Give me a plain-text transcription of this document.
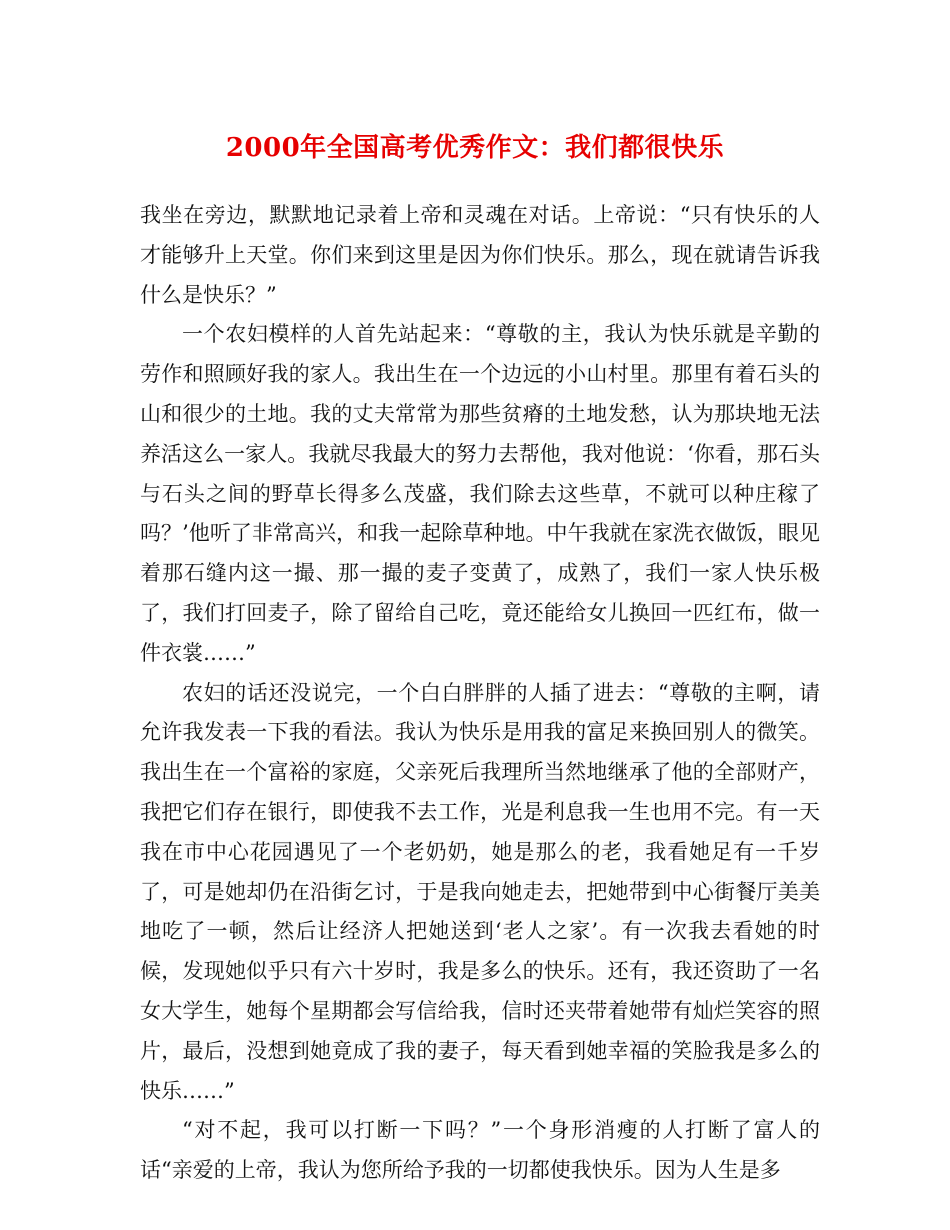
2000年全国高考优秀作文：我们都很快乐

我坐在旁边，默默地记录着上帝和灵魂在对话。上帝说：“只有快乐的人才能够升上天堂。你们来到这里是因为你们快乐。那么，现在就请告诉我什么是快乐？”

一个农妇模样的人首先站起来：“尊敬的主，我认为快乐就是辛勤的劳作和照顾好我的家人。我出生在一个边远的小山村里。那里有着石头的山和很少的土地。我的丈夫常常为那些贫瘠的土地发愁，认为那块地无法养活这么一家人。我就尽我最大的努力去帮他，我对他说：‘你看，那石头与石头之间的野草长得多么茂盛，我们除去这些草，不就可以种庄稼了吗？’他听了非常高兴，和我一起除草种地。中午我就在家洗衣做饭，眼见着那石缝内这一撮、那一撮的麦子变黄了，成熟了，我们一家人快乐极了，我们打回麦子，除了留给自己吃，竟还能给女儿换回一匹红布，做一件衣裳……”

农妇的话还没说完，一个白白胖胖的人插了进去：“尊敬的主啊，请允许我发表一下我的看法。我认为快乐是用我的富足来换回别人的微笑。我出生在一个富裕的家庭，父亲死后我理所当然地继承了他的全部财产，我把它们存在银行，即使我不去工作，光是利息我一生也用不完。有一天我在市中心花园遇见了一个老奶奶，她是那么的老，我看她足有一千岁了，可是她却仍在沿街乞讨，于是我向她走去，把她带到中心街餐厅美美地吃了一顿，然后让经济人把她送到‘老人之家’。有一次我去看她的时候，发现她似乎只有六十岁时，我是多么的快乐。还有，我还资助了一名女大学生，她每个星期都会写信给我，信时还夹带着她带有灿烂笑容的照片，最后，没想到她竟成了我的妻子，每天看到她幸福的笑脸我是多么的快乐……”

“对不起，我可以打断一下吗？”一个身形消瘦的人打断了富人的话“亲爱的上帝，我认为您所给予我的一切都使我快乐。因为人生是多
